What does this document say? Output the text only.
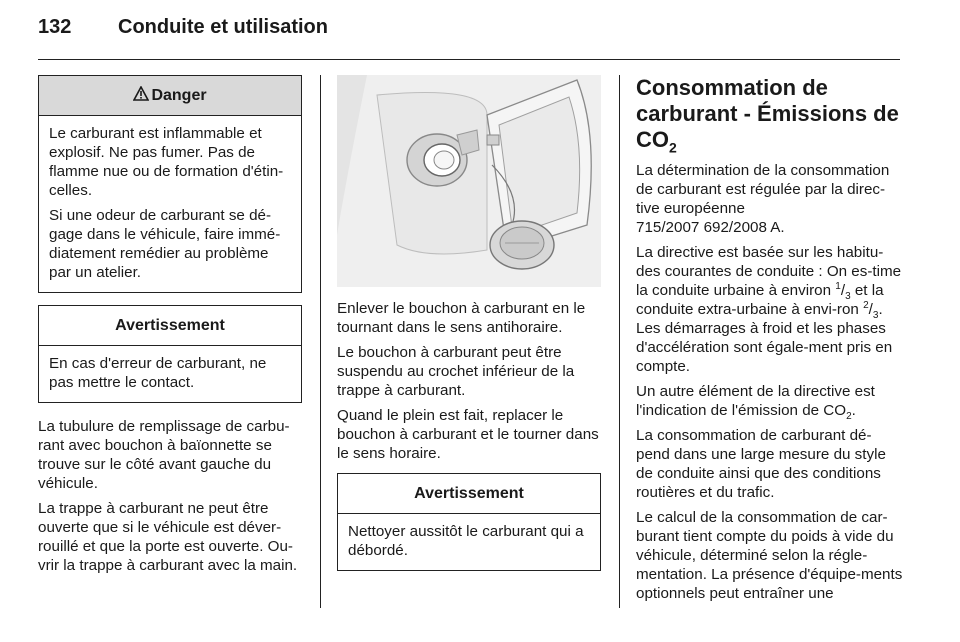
132	Conduite et utilisation
Danger

Le carburant est inflammable et explosif. Ne pas fumer. Pas de flamme nue ou de formation d'étin-celles.

Si une odeur de carburant se dé-gage dans le véhicule, faire immé-diatement remédier au problème par un atelier.

Avertissement

En cas d'erreur de carburant, ne pas mettre le contact.

La tubulure de remplissage de carbu-rant avec bouchon à baïonnette se trouve sur le côté avant gauche du véhicule.

La trappe à carburant ne peut être ouverte que si le véhicule est déver-rouillé et que la porte est ouverte. Ou-vrir la trappe à carburant avec la main.

Enlever le bouchon à carburant en le tournant dans le sens antihoraire.

Le bouchon à carburant peut être suspendu au crochet inférieur de la trappe à carburant.

Quand le plein est fait, replacer le bouchon à carburant et le tourner dans le sens horaire.

Avertissement

Nettoyer aussitôt le carburant qui a débordé.

Consommation de
carburant - Émissions de
$CO_2$

La détermination de la consommation de carburant est régulée par la direc-tive européenne
715/2007 692/2008 A.

La directive est basée sur les habitu-des courantes de conduite : On es-time la conduite urbaine à environ $^1/_3$ et la conduite extra-urbaine à envi-ron $^2/_3$. Les démarrages à froid et les phases d'accélération sont égale-ment pris en compte.

Un autre élément de la directive est l'indication de l'émission de $CO_2$.

La consommation de carburant dé-pend dans une large mesure du style de conduite ainsi que des conditions routières et du trafic.

Le calcul de la consommation de car-burant tient compte du poids à vide du véhicule, déterminé selon la régle-mentation. La présence d'équipe-ments optionnels peut entraîner une
